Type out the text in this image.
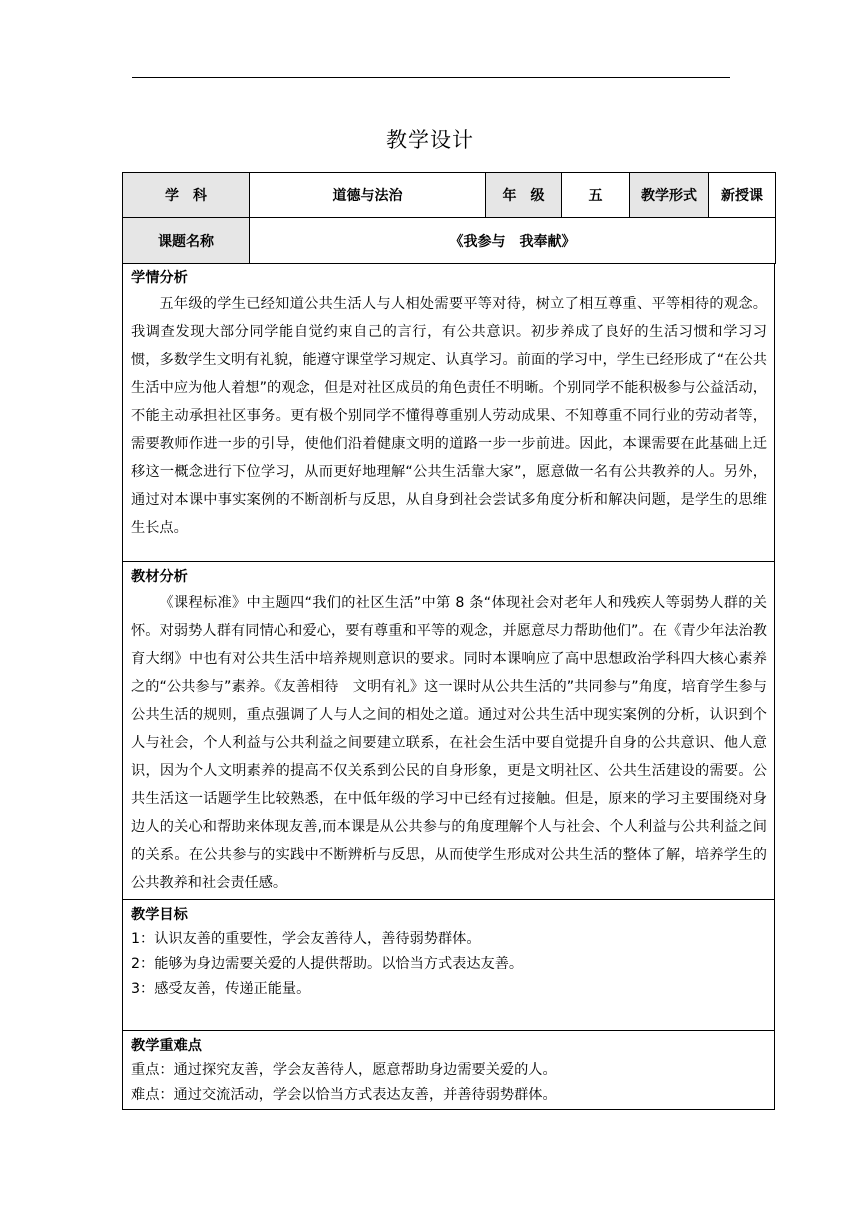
教学设计
学　科	道德与法治	年　级	五	教学形式	新授课
课题名称	《我参与　我奉献》				
学情分析

五年级的学生已经知道公共生活人与人相处需要平等对待，树立了相互尊重、平等相待的观念。我调查发现大部分同学能自觉约束自己的言行，有公共意识。初步养成了良好的生活习惯和学习习惯，多数学生文明有礼貌，能遵守课堂学习规定、认真学习。前面的学习中，学生已经形成了“在公共生活中应为他人着想”的观念，但是对社区成员的角色责任不明晰。个别同学不能积极参与公益活动，不能主动承担社区事务。更有极个别同学不懂得尊重别人劳动成果、不知尊重不同行业的劳动者等，需要教师作进一步的引导，使他们沿着健康文明的道路一步一步前进。因此，本课需要在此基础上迁移这一概念进行下位学习，从而更好地理解“公共生活靠大家”，愿意做一名有公共教养的人。另外，通过对本课中事实案例的不断剖析与反思，从自身到社会尝试多角度分析和解决问题，是学生的思维生长点。

教材分析

《课程标准》中主题四“我们的社区生活”中第 8 条“体现社会对老年人和残疾人等弱势人群的关怀。对弱势人群有同情心和爱心，要有尊重和平等的观念，并愿意尽力帮助他们”。在《青少年法治教育大纲》中也有对公共生活中培养规则意识的要求。同时本课响应了高中思想政治学科四大核心素养之的“公共参与”素养。《友善相待　文明有礼》这一课时从公共生活的”共同参与”角度，培育学生参与公共生活的规则，重点强调了人与人之间的相处之道。通过对公共生活中现实案例的分析，认识到个人与社会，个人利益与公共利益之间要建立联系，在社会生活中要自觉提升自身的公共意识、他人意识，因为个人文明素养的提高不仅关系到公民的自身形象，更是文明社区、公共生活建设的需要。公共生活这一话题学生比较熟悉，在中低年级的学习中已经有过接触。但是，原来的学习主要围绕对身边人的关心和帮助来体现友善,而本课是从公共参与的角度理解个人与社会、个人利益与公共利益之间的关系。在公共参与的实践中不断辨析与反思，从而使学生形成对公共生活的整体了解，培养学生的公共教养和社会责任感。

教学目标
1：认识友善的重要性，学会友善待人，善待弱势群体。
2：能够为身边需要关爱的人提供帮助。以恰当方式表达友善。
3：感受友善，传递正能量。
教学重难点
重点：通过探究友善，学会友善待人，愿意帮助身边需要关爱的人。
难点：通过交流活动，学会以恰当方式表达友善，并善待弱势群体。
